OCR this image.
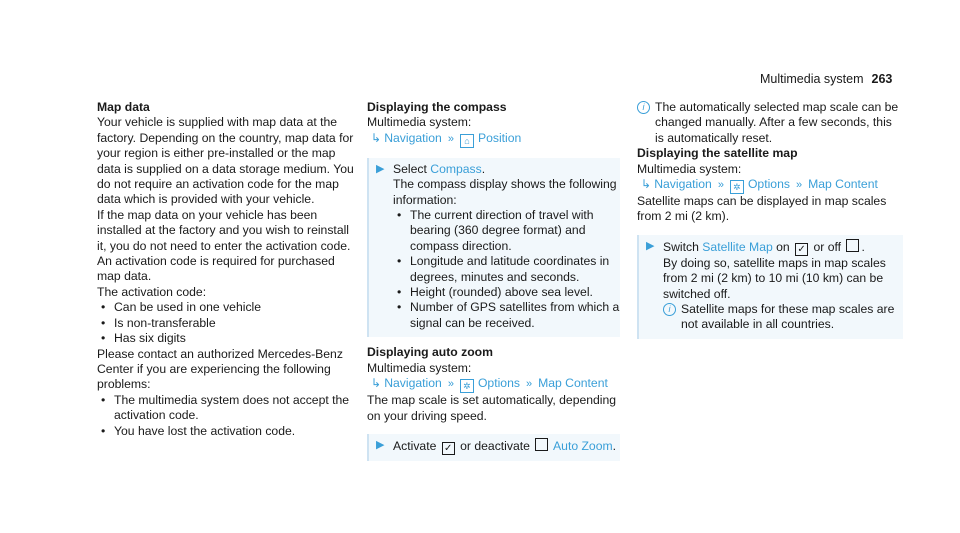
Multimedia system 263

Map data

Your vehicle is supplied with map data at the factory. Depending on the country, map data for your region is either pre-installed or the map data is supplied on a data storage medium. You do not require an activation code for the map data which is provided with your vehicle.

If the map data on your vehicle has been installed at the factory and you wish to reinstall it, you do not need to enter the activation code.

An activation code is required for purchased map data.

The activation code:

• Can be used in one vehicle
• Is non-transferable
• Has six digits

Please contact an authorized Mercedes-Benz Center if you are experiencing the following problems:

• The multimedia system does not accept the activation code.
• You have lost the activation code.

Displaying the compass

Multimedia system:

↳ Navigation » ⌂ Position

▶ Select Compass.

The compass display shows the following information:

• The current direction of travel with bearing (360 degree format) and compass direction.
• Longitude and latitude coordinates in degrees, minutes and seconds.
• Height (rounded) above sea level.
• Number of GPS satellites from which a signal can be received.

Displaying auto zoom

Multimedia system:

↳ Navigation » ✲ Options » Map Content

The map scale is set automatically, depending on your driving speed.

▶ Activate ✓ or deactivate Auto Zoom.

i The automatically selected map scale can be changed manually. After a few seconds, this is automatically reset.

Displaying the satellite map

Multimedia system:

↳ Navigation » ✲ Options » Map Content

Satellite maps can be displayed in map scales from 2 mi (2 km).

▶ Switch Satellite Map on ✓ or off .

By doing so, satellite maps in map scales from 2 mi (2 km) to 10 mi (10 km) can be switched off.

i Satellite maps for these map scales are not available in all countries.
